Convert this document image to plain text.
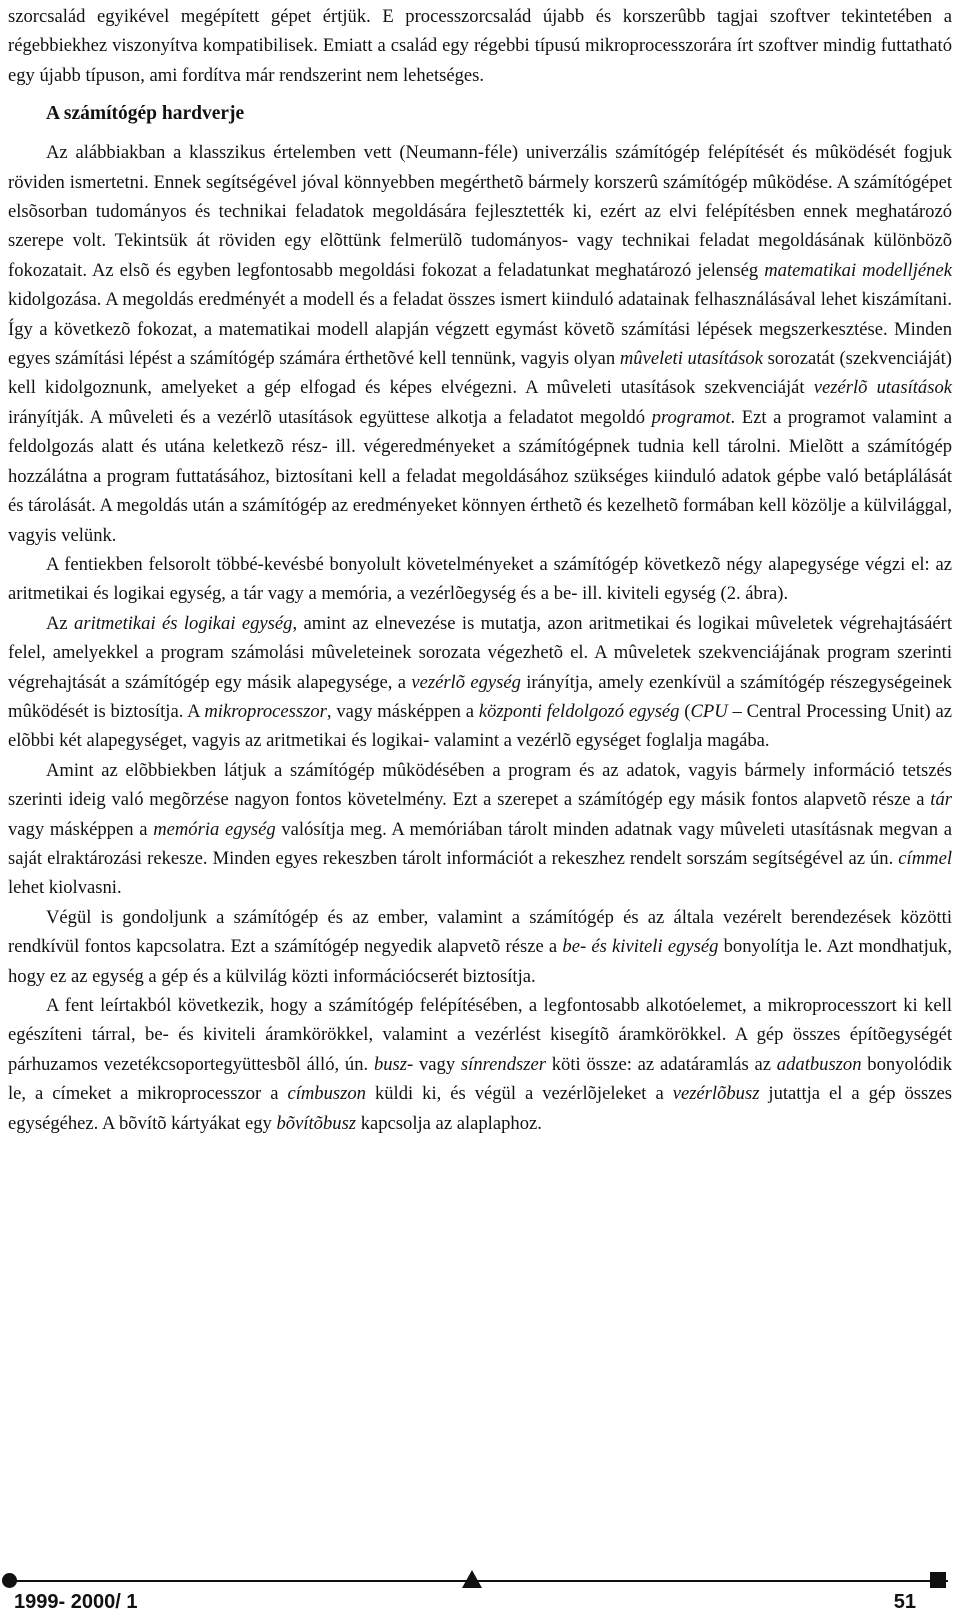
szorcsalád egyikével megépített gépet értjük. E processzorcsalád újabb és korszerûbb tagjai szoftver tekintetében a régebbiekhez viszonyítva kompatibilisek. Emiatt a család egy régebbi típusú mikroprocesszorára írt szoftver mindig futtatható egy újabb típuson, ami fordítva már rendszerint nem lehetséges.

A számítógép hardverje

Az alábbiakban a klasszikus értelemben vett (Neumann-féle) univerzális számítógép felépítését és mûködését fogjuk röviden ismertetni. Ennek segítségével jóval könnyebben megérthetõ bármely korszerû számítógép mûködése. A számítógépet elsõsorban tudományos és technikai feladatok megoldására fejlesztették ki, ezért az elvi felépítésben ennek meghatározó szerepe volt. Tekintsük át röviden egy elõttünk felmerülõ tudományos- vagy technikai feladat megoldásának különbözõ fokozatait. Az elsõ és egyben legfontosabb megoldási fokozat a feladatunkat meghatározó jelenség matematikai modelljének kidolgozása. A megoldás eredményét a modell és a feladat összes ismert kiinduló adatainak felhasználásával lehet kiszámítani. Így a következõ fokozat, a matematikai modell alapján végzett egymást követõ számítási lépések megszerkesztése. Minden egyes számítási lépést a számítógép számára érthetõvé kell tennünk, vagyis olyan mûveleti utasítások sorozatát (szekvenciáját) kell kidolgoznunk, amelyeket a gép elfogad és képes elvégezni. A mûveleti utasítások szekvenciáját vezérlõ utasítások irányítják. A mûveleti és a vezérlõ utasítások együttese alkotja a feladatot megoldó programot. Ezt a programot valamint a feldolgozás alatt és utána keletkezõ rész- ill. végeredményeket a számítógépnek tudnia kell tárolni. Mielõtt a számítógép hozzálátna a program futtatásához, biztosítani kell a feladat megoldásához szükséges kiinduló adatok gépbe való betáplálását és tárolását. A megoldás után a számítógép az eredményeket könnyen érthetõ és kezelhetõ formában kell közölje a külvilággal, vagyis velünk.

A fentiekben felsorolt többé-kevésbé bonyolult követelményeket a számítógép következõ négy alapegysége végzi el: az aritmetikai és logikai egység, a tár vagy a memória, a vezérlõegység és a be- ill. kiviteli egység (2. ábra).

Az aritmetikai és logikai egység, amint az elnevezése is mutatja, azon aritmetikai és logikai mûveletek végrehajtásáért felel, amelyekkel a program számolási mûveleteinek sorozata végezhetõ el. A mûveletek szekvenciájának program szerinti végrehajtását a számítógép egy másik alapegysége, a vezérlõ egység irányítja, amely ezenkívül a számítógép részegységeinek mûködését is biztosítja. A mikroprocesszor, vagy másképpen a központi feldolgozó egység (CPU – Central Processing Unit) az elõbbi két alapegységet, vagyis az aritmetikai és logikai- valamint a vezérlõ egységet foglalja magába.

Amint az elõbbiekben látjuk a számítógép mûködésében a program és az adatok, vagyis bármely információ tetszés szerinti ideig való megõrzése nagyon fontos követelmény. Ezt a szerepet a számítógép egy másik fontos alapvetõ része a tár vagy másképpen a memória egység valósítja meg. A memóriában tárolt minden adatnak vagy mûveleti utasításnak megvan a saját elraktározási rekesze. Minden egyes rekeszben tárolt információt a rekeszhez rendelt sorszám segítségével az ún. címmel lehet kiolvasni.

Végül is gondoljunk a számítógép és az ember, valamint a számítógép és az általa vezérelt berendezések közötti rendkívül fontos kapcsolatra. Ezt a számítógép negyedik alapvetõ része a be- és kiviteli egység bonyolítja le. Azt mondhatjuk, hogy ez az egység a gép és a külvilág közti információcserét biztosítja.

A fent leírtakból következik, hogy a számítógép felépítésében, a legfontosabb alkotóelemet, a mikroprocesszort ki kell egészíteni tárral, be- és kiviteli áramkörökkel, valamint a vezérlést kisegítõ áramkörökkel. A gép összes építõegységét párhuzamos vezetékcsoportegyüttesbõl álló, ún. busz- vagy sínrendszer köti össze: az adatáramlás az adatbuszon bonyolódik le, a címeket a mikroprocesszor a címbuszon küldi ki, és végül a vezérlõjeleket a vezérlõbusz jutattja el a gép összes egységéhez. A bõvítõ kártyákat egy bõvítõbusz kapcsolja az alaplaphoz.

1999- 2000/ 1	51
